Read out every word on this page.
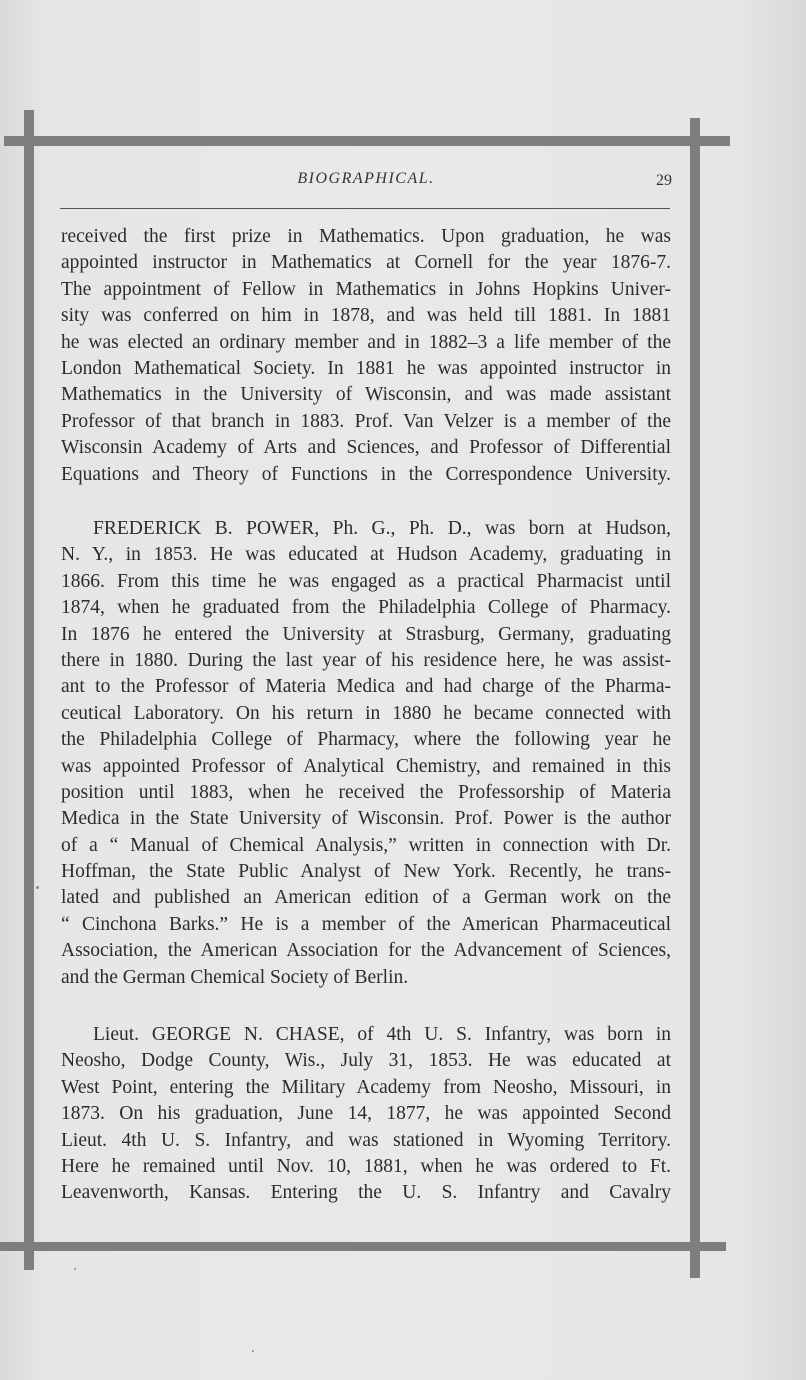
BIOGRAPHICAL.	29
received the first prize in Mathematics. Upon graduation, he was
appointed instructor in Mathematics at Cornell for the year 1876-7.
The appointment of Fellow in Mathematics in Johns Hopkins Univer-
sity was conferred on him in 1878, and was held till 1881. In 1881
he was elected an ordinary member and in 1882–3 a life member of the
London Mathematical Society. In 1881 he was appointed instructor in
Mathematics in the University of Wisconsin, and was made assistant
Professor of that branch in 1883. Prof. Van Velzer is a member of the
Wisconsin Academy of Arts and Sciences, and Professor of Differential
Equations and Theory of Functions in the Correspondence University.
FREDERICK B. POWER, Ph. G., Ph. D., was born at Hudson,
N. Y., in 1853. He was educated at Hudson Academy, graduating in
1866. From this time he was engaged as a practical Pharmacist until
1874, when he graduated from the Philadelphia College of Pharmacy.
In 1876 he entered the University at Strasburg, Germany, graduating
there in 1880. During the last year of his residence here, he was assist-
ant to the Professor of Materia Medica and had charge of the Pharma-
ceutical Laboratory. On his return in 1880 he became connected with
the Philadelphia College of Pharmacy, where the following year he
was appointed Professor of Analytical Chemistry, and remained in this
position until 1883, when he received the Professorship of Materia
Medica in the State University of Wisconsin. Prof. Power is the author
of a “ Manual of Chemical Analysis,” written in connection with Dr.
Hoffman, the State Public Analyst of New York. Recently, he trans-
lated and published an American edition of a German work on the
“ Cinchona Barks.” He is a member of the American Pharmaceutical
Association, the American Association for the Advancement of Sciences,
and the German Chemical Society of Berlin.
Lieut. GEORGE N. CHASE, of 4th U. S. Infantry, was born in
Neosho, Dodge County, Wis., July 31, 1853. He was educated at
West Point, entering the Military Academy from Neosho, Missouri, in
1873. On his graduation, June 14, 1877, he was appointed Second
Lieut. 4th U. S. Infantry, and was stationed in Wyoming Territory.
Here he remained until Nov. 10, 1881, when he was ordered to Ft.
Leavenworth, Kansas. Entering the U. S. Infantry and Cavalry
